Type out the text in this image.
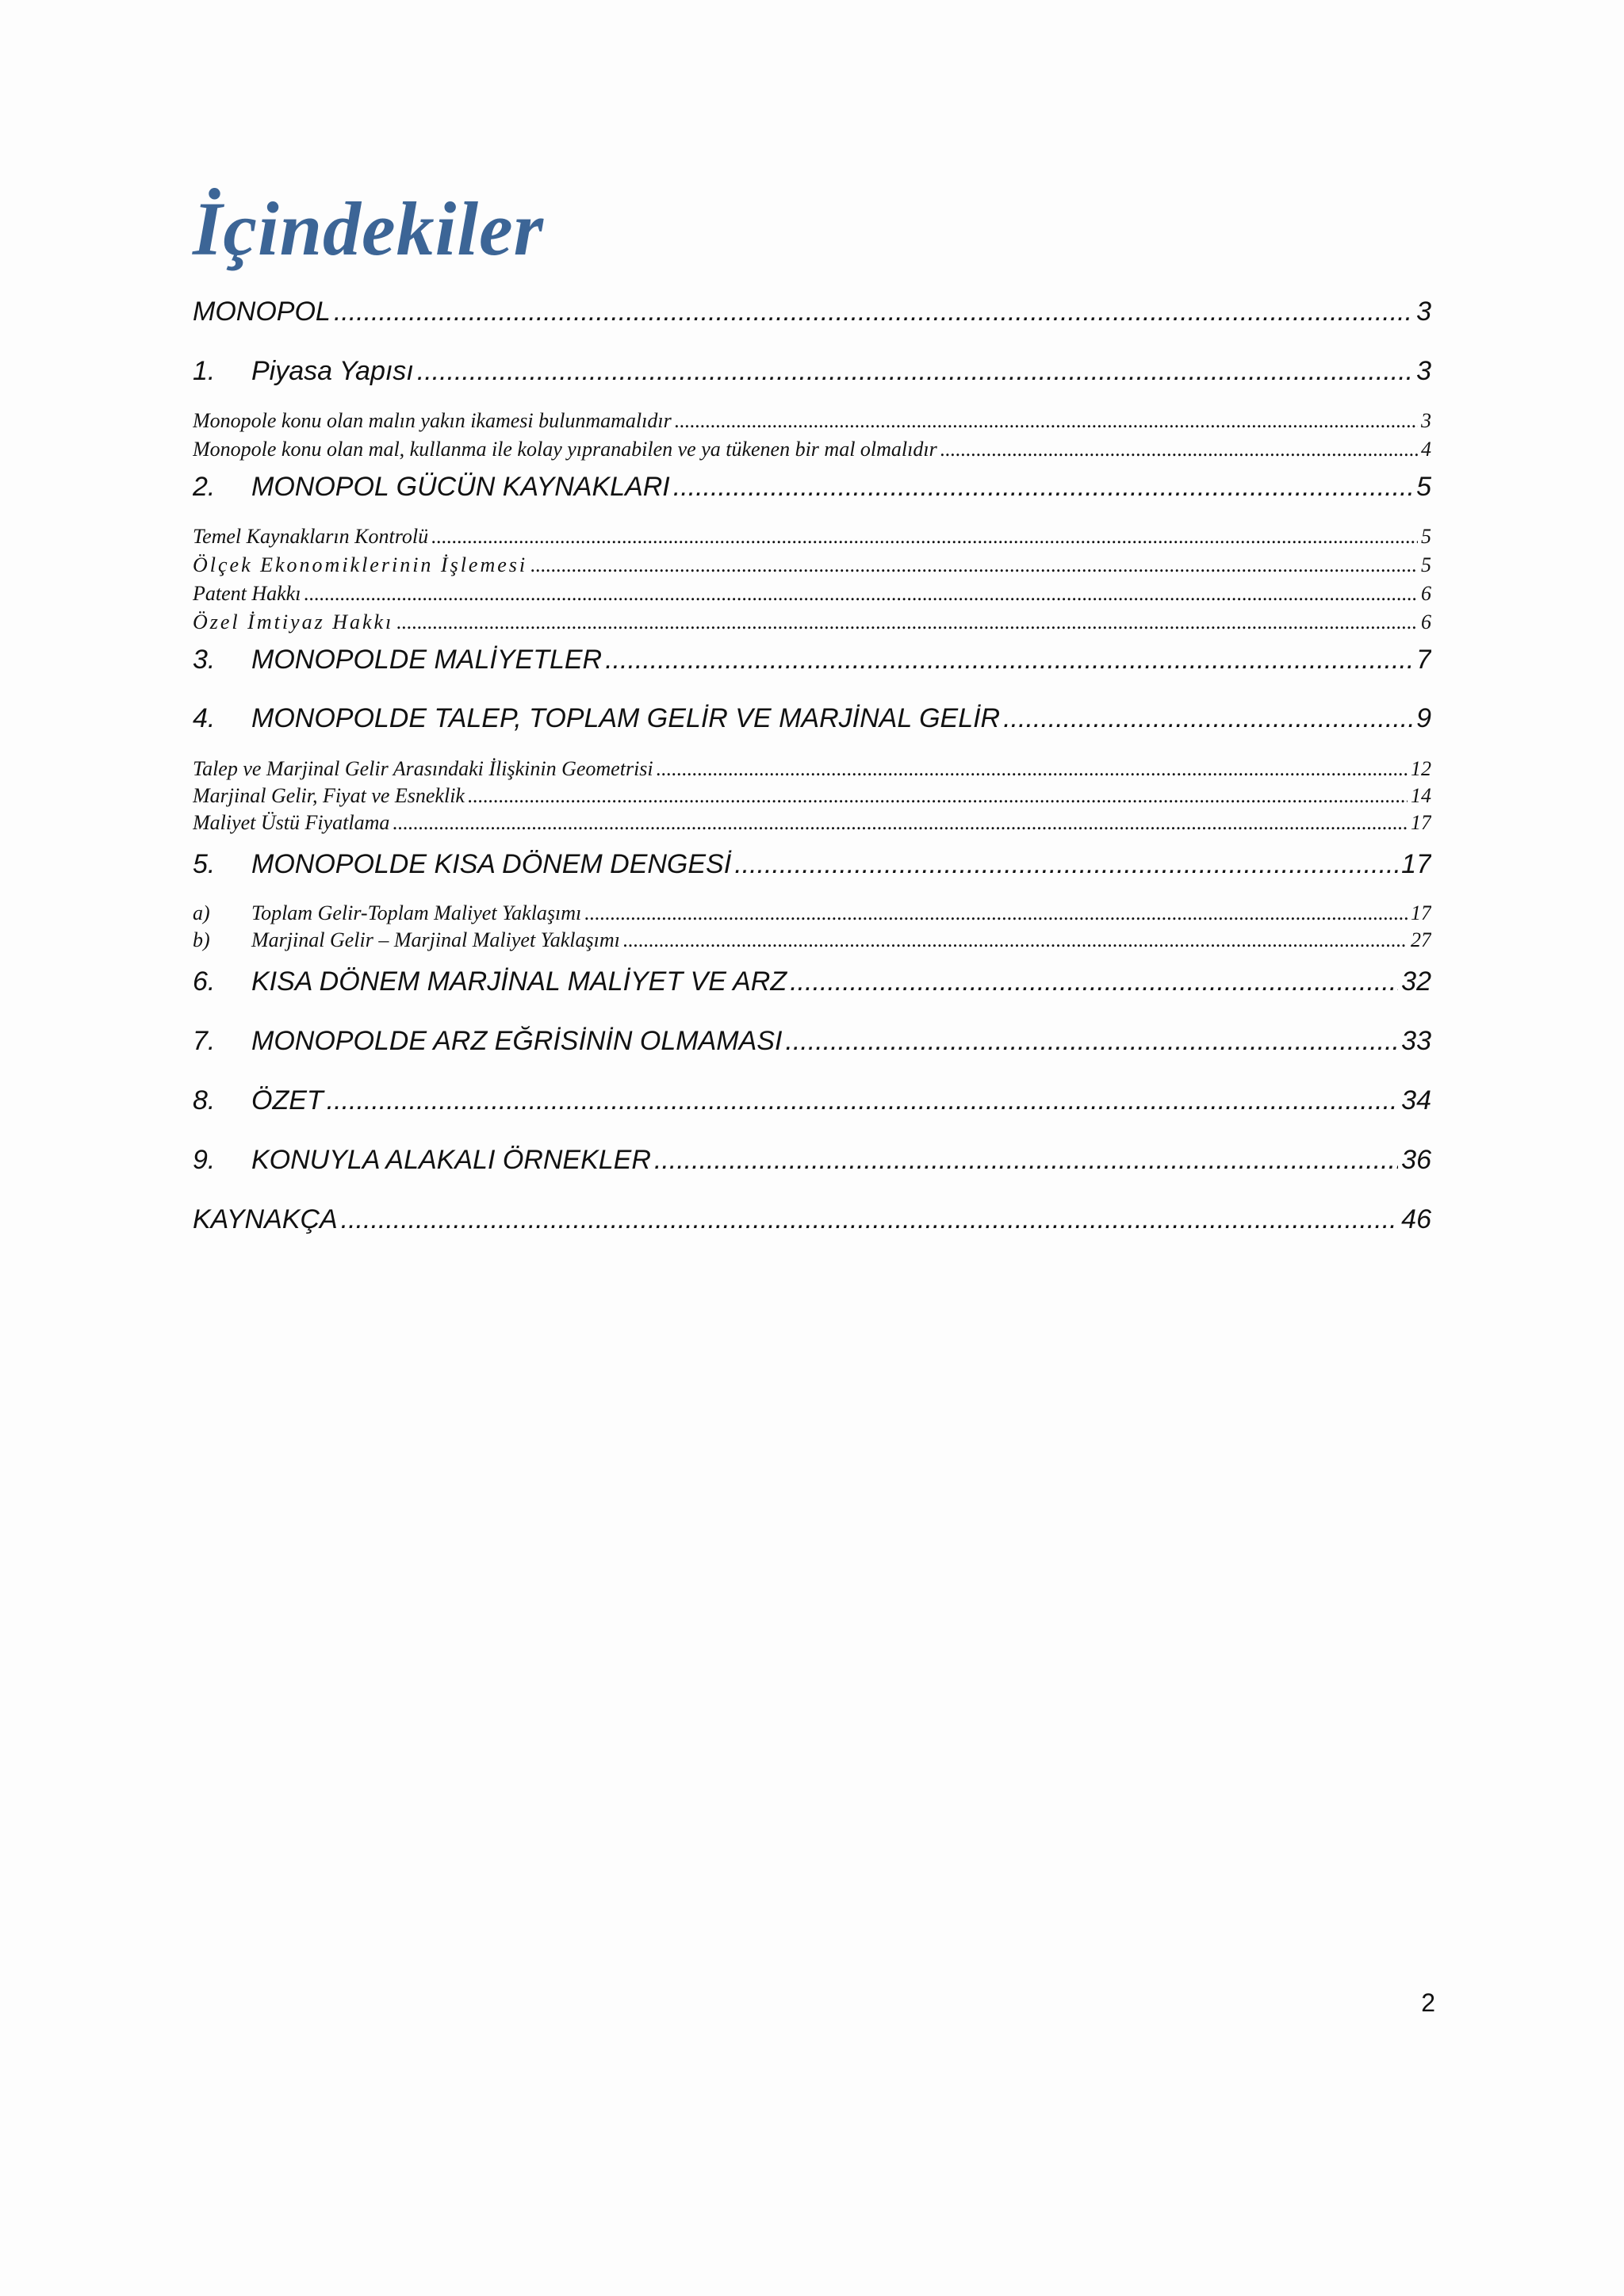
İçindekiler
MONOPOL .....	3
1.	Piyasa Yapısı .....	3
Monopole konu olan malın yakın ikamesi bulunmamalıdır .....	3
Monopole konu olan mal, kullanma ile kolay yıpranabilen ve ya tükenen bir mal olmalıdır .....	4
2.	MONOPOL GÜCÜN KAYNAKLARI .....	5
Temel Kaynakların Kontrolü .....	5
Ölçek Ekonomiklerinin İşlemesi .....	5
Patent Hakkı .....	6
Özel İmtiyaz Hakkı .....	6
3.	MONOPOLDE MALİYETLER .....	7
4.	MONOPOLDE TALEP, TOPLAM GELİR VE MARJİNAL GELİR .....	9
Talep ve Marjinal Gelir Arasındaki İlişkinin Geometrisi .....	12
Marjinal Gelir, Fiyat ve Esneklik .....	14
Maliyet Üstü Fiyatlama .....	17
5.	MONOPOLDE KISA DÖNEM DENGESİ .....	17
a)	Toplam Gelir-Toplam Maliyet Yaklaşımı .....	17
b)	Marjinal Gelir – Marjinal Maliyet Yaklaşımı .....	27
6.	KISA DÖNEM MARJİNAL MALİYET VE ARZ .....	32
7.	MONOPOLDE ARZ EĞRİSİNİN OLMAMASI .....	33
8.	ÖZET .....	34
9.	KONUYLA ALAKALI ÖRNEKLER .....	36
KAYNAKÇA .....	46
2
